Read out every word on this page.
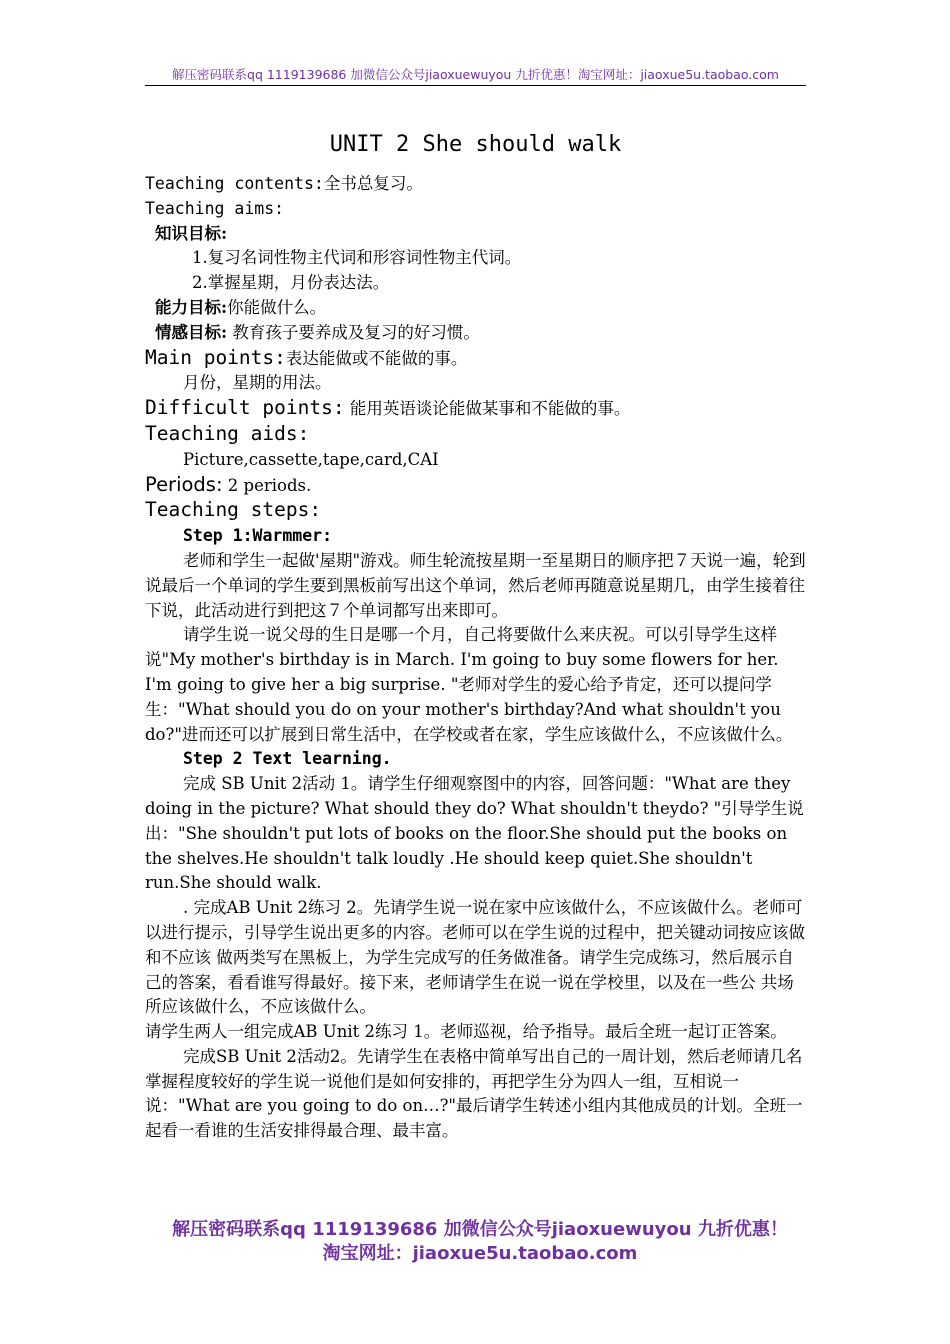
解压密码联系qq 1119139686 加微信公众号jiaoxuewuyou 九折优惠！淘宝网址：jiaoxue5u.taobao.com
UNIT 2 She should walk

Teaching contents:全书总复习。

Teaching aims:

知识目标:

1.复习名词性物主代词和形容词性物主代词。

2.掌握星期，月份表达法。

能力目标:你能做什么。

情感目标: 教育孩子要养成及复习的好习惯。

Main points:表达能做或不能做的事。

月份，星期的用法。

Difficult points: 能用英语谈论能做某事和不能做的事。

Teaching aids:

Picture,cassette,tape,card,CAI

Periods: 2 periods.

Teaching steps:

Step 1:Warmmer:

老师和学生一起做'屋期"游戏。师生轮流按星期一至星期日的顺序把７天说一遍，轮到说最后一个单词的学生要到黑板前写出这个单词，然后老师再随意说星期几，由学生接着往下说，此活动进行到把这７个单词都写出来即可。

请学生说一说父母的生日是哪一个月，自己将要做什么来庆祝。可以引导学生这样说"My mother's birthday is in March. I'm going to buy some flowers for her. I'm going to give her a big surprise. "老师对学生的爱心给予肯定，还可以提问学生："What should you do on your mother's birthday?And what shouldn't you do?"进而还可以扩展到日常生活中，在学校或者在家，学生应该做什么，不应该做什么。

Step 2 Text learning.

完成 SB Unit 2活动 1。请学生仔细观察图中的内容，回答问题："What are they doing in the picture? What should they do? What shouldn't theydo? "引导学生说出："She shouldn't put lots of books on the floor.She should put the books on the shelves.He shouldn't talk loudly .He should keep quiet.She shouldn't run.She should walk.

. 完成AB Unit 2练习 2。先请学生说一说在家中应该做什么，不应该做什么。老师可以进行提示，引导学生说出更多的内容。老师可以在学生说的过程中，把关键动词按应该做和不应该 做两类写在黑板上，为学生完成写的任务做准备。请学生完成练习，然后展示自己的答案，看看谁写得最好。接下来，老师请学生在说一说在学校里，以及在一些公 共场所应该做什么，不应该做什么。

请学生两人一组完成AB Unit 2练习 1。老师巡视，给予指导。最后全班一起订正答案。

完成SB Unit 2活动2。先请学生在表格中简单写出自己的一周计划，然后老师请几名掌握程度较好的学生说一说他们是如何安排的，再把学生分为四人一组，互相说一 说："What are you going to do on…?"最后请学生转述小组内其他成员的计划。全班一起看一看谁的生活安排得最合理、最丰富。

解压密码联系qq 1119139686 加微信公众号jiaoxuewuyou 九折优惠！
淘宝网址：jiaoxue5u.taobao.com
